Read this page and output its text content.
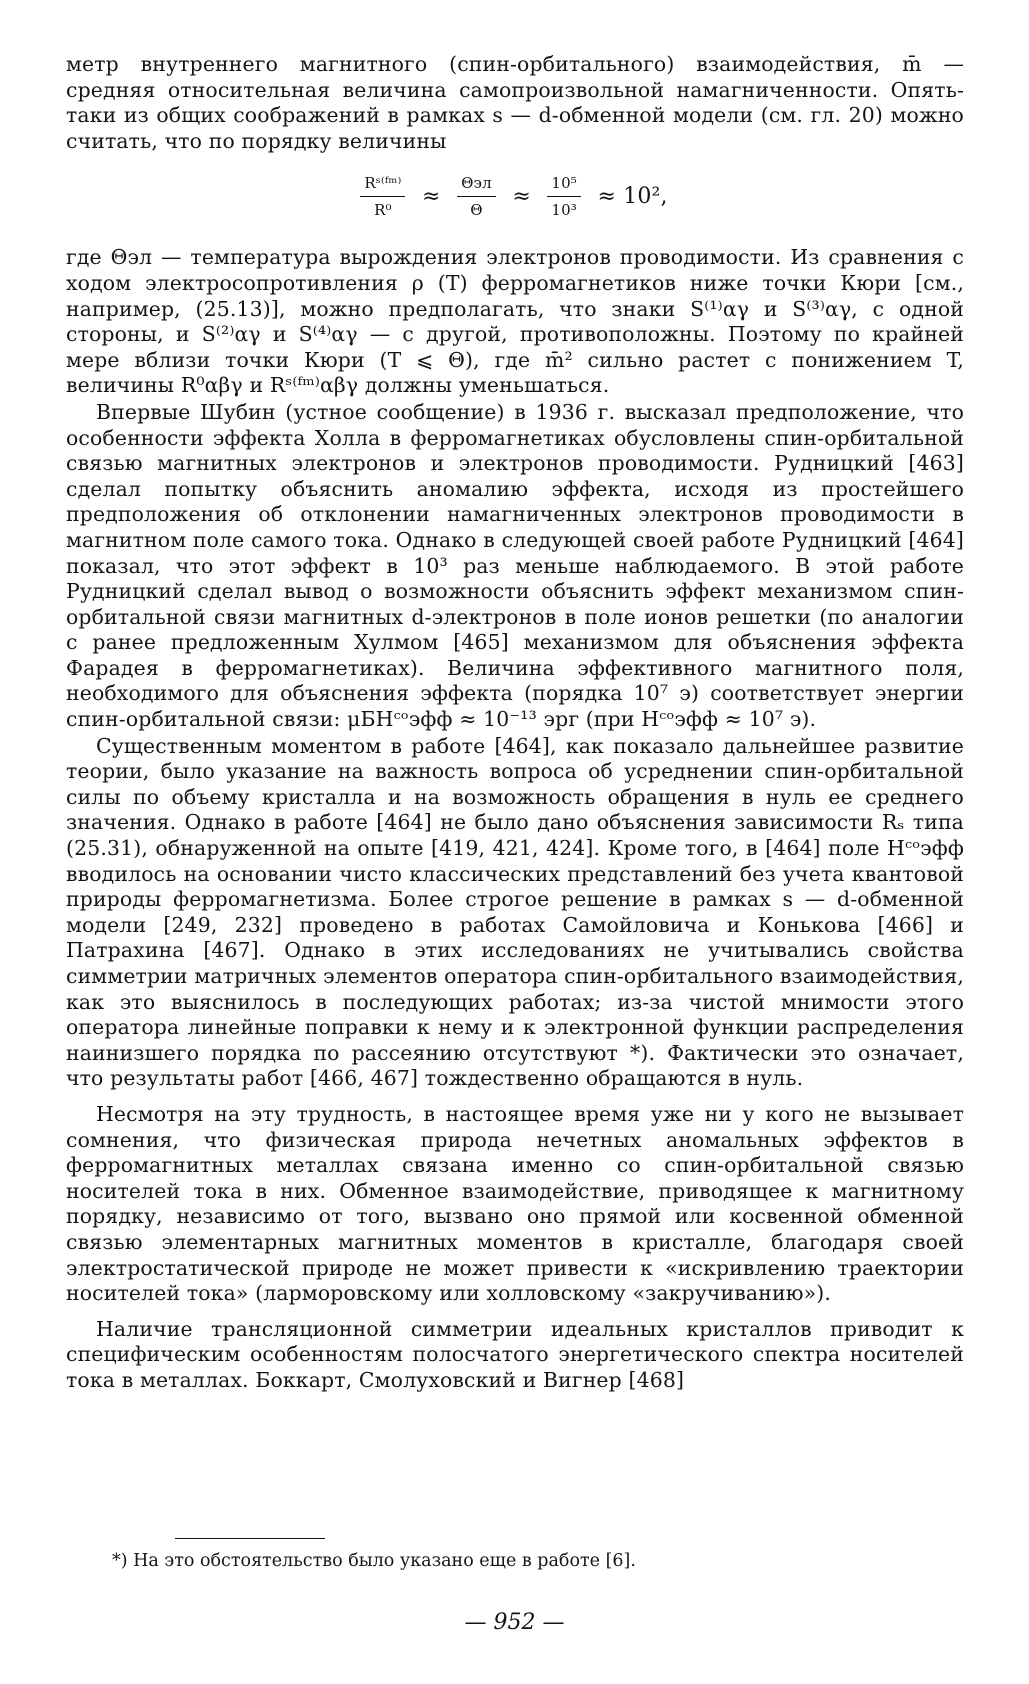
метр внутреннего магнитного (спин-орбитального) взаимодействия, m̄ — средняя относительная величина самопроизвольной намагниченности. Опять-таки из общих соображений в рамках s — d-обменной модели (см. гл. 20) можно считать, что по порядку величины

$\frac{\text{Rˢ⁽ᶠᵐ⁾}}{\text{R⁰}} \approx \frac{\text{Θэл}}{\Theta} \approx \frac{\text{10⁵}}{\text{10³}} \approx 10^2$,

где Θэл — температура вырождения электронов проводимости. Из сравнения с ходом электросопротивления ρ (T) ферромагнетиков ниже точки Кюри [см., например, (25.13)], можно предполагать, что знаки S⁽¹⁾αγ и S⁽³⁾αγ, с одной стороны, и S⁽²⁾αγ и S⁽⁴⁾αγ — с другой, противоположны. Поэтому по крайней мере вблизи точки Кюри (T ⩽ Θ), где m̄² сильно растет с понижением T, величины R⁰αβγ и Rˢ⁽ᶠᵐ⁾αβγ должны уменьшаться.

Впервые Шубин (устное сообщение) в 1936 г. высказал предположение, что особенности эффекта Холла в ферромагнетиках обусловлены спин-орбитальной связью магнитных электронов и электронов проводимости. Рудницкий [463] сделал попытку объяснить аномалию эффекта, исходя из простейшего предположения об отклонении намагниченных электронов проводимости в магнитном поле самого тока. Однако в следующей своей работе Рудницкий [464] показал, что этот эффект в 10³ раз меньше наблюдаемого. В этой работе Рудницкий сделал вывод о возможности объяснить эффект механизмом спин-орбитальной связи магнитных d-электронов в поле ионов решетки (по аналогии с ранее предложенным Хулмом [465] механизмом для объяснения эффекта Фарадея в ферромагнетиках). Величина эффективного магнитного поля, необходимого для объяснения эффекта (порядка 10⁷ э) соответствует энергии спин-орбитальной связи: μБHᶜᵒэфф ≈ 10⁻¹³ эрг (при Hᶜᵒэфф ≈ 10⁷ э).

Существенным моментом в работе [464], как показало дальнейшее развитие теории, было указание на важность вопроса об усреднении спин-орбитальной силы по объему кристалла и на возможность обращения в нуль ее среднего значения. Однако в работе [464] не было дано объяснения зависимости Rₛ типа (25.31), обнаруженной на опыте [419, 421, 424]. Кроме того, в [464] поле Hᶜᵒэфф вводилось на основании чисто классических представлений без учета квантовой природы ферромагнетизма. Более строгое решение в рамках s — d-обменной модели [249, 232] проведено в работах Самойловича и Конькова [466] и Патрахина [467]. Однако в этих исследованиях не учитывались свойства симметрии матричных элементов оператора спин-орбитального взаимодействия, как это выяснилось в последующих работах; из-за чистой мнимости этого оператора линейные поправки к нему и к электронной функции распределения наинизшего порядка по рассеянию отсутствуют *). Фактически это означает, что результаты работ [466, 467] тождественно обращаются в нуль.

Несмотря на эту трудность, в настоящее время уже ни у кого не вызывает сомнения, что физическая природа нечетных аномальных эффектов в ферромагнитных металлах связана именно со спин-орбитальной связью носителей тока в них. Обменное взаимодействие, приводящее к магнитному порядку, независимо от того, вызвано оно прямой или косвенной обменной связью элементарных магнитных моментов в кристалле, благодаря своей электростатической природе не может привести к «искривлению траектории носителей тока» (ларморовскому или холловскому «закручиванию»).

Наличие трансляционной симметрии идеальных кристаллов приводит к специфическим особенностям полосчатого энергетического спектра носителей тока в металлах. Боккарт, Смолуховский и Вигнер [468]

*) На это обстоятельство было указано еще в работе [6].
— 952 —
